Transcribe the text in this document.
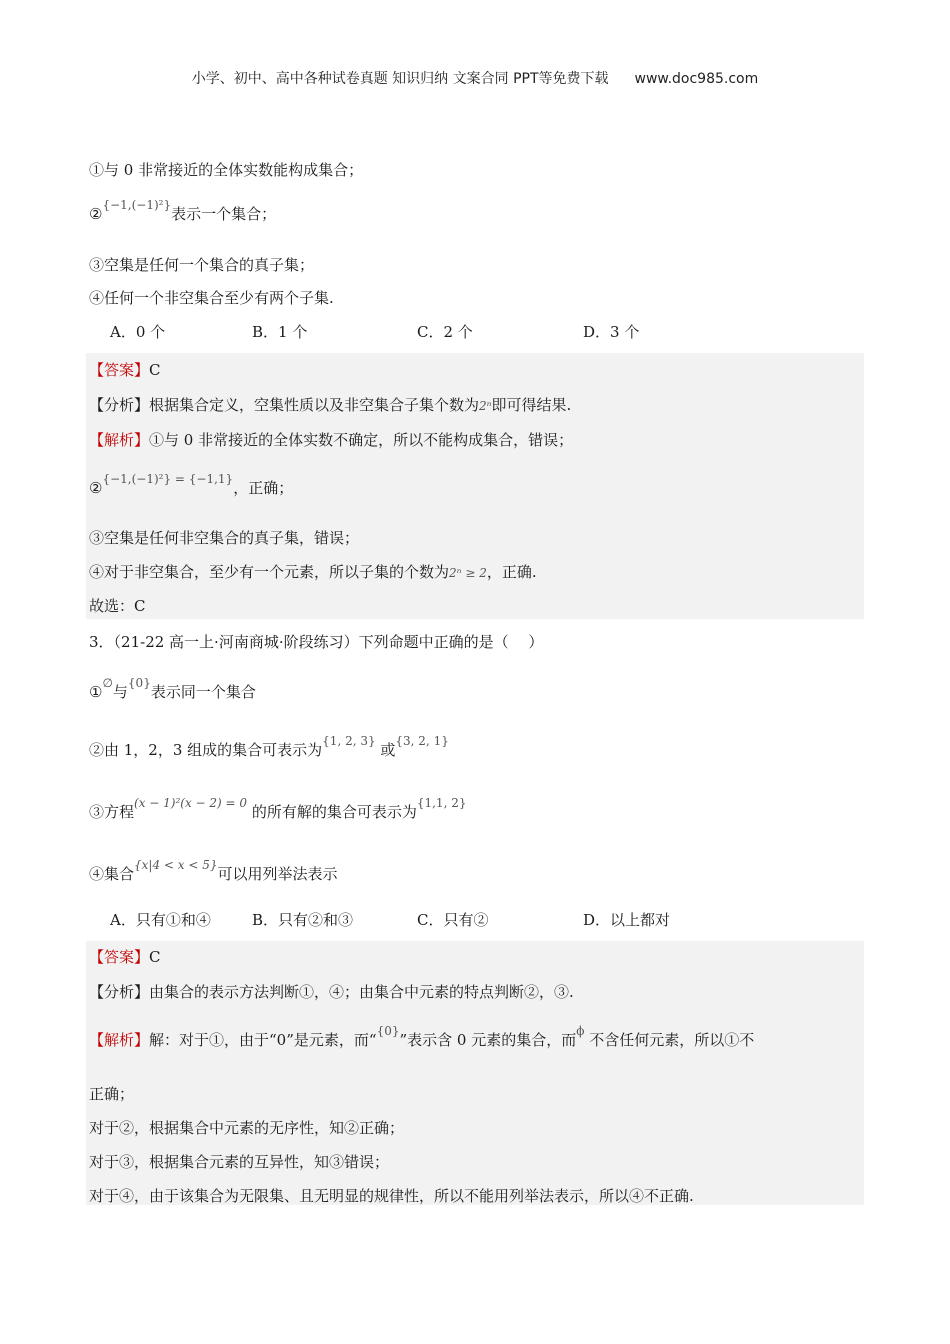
小学、初中、高中各种试卷真题 知识归纳 文案合同 PPT等免费下载 www.doc985.com
①与 0 非常接近的全体实数能构成集合；
②$^{\{-1,(-1)^2\}}$表示一个集合；
③空集是任何一个集合的真子集；
④任何一个非空集合至少有两个子集.
A．0 个	B．1 个	C．2 个	D．3 个
【答案】C
【分析】根据集合定义，空集性质以及非空集合子集个数为2ⁿ即可得结果.
【解析】①与 0 非常接近的全体实数不确定，所以不能构成集合，错误；
②$^{\{-1,(-1)^2\} = \{-1,1\}}$，正确；
③空集是任何非空集合的真子集，错误；
④对于非空集合，至少有一个元素，所以子集的个数为2ⁿ ≥ 2，正确.
故选：C
3．（21-22 高一上·河南商城·阶段练习）下列命题中正确的是（　 ）
①∅与$^{\{0\}}$表示同一个集合
②由 1，2，3 组成的集合可表示为$^{\{1, 2, 3\}}$ 或$^{\{3, 2, 1\}}$
③方程$^{(x - 1)^2(x - 2) = 0}$ 的所有解的集合可表示为$^{\{1,1, 2\}}$
④集合$^{\{x|4 < x < 5\}}$可以用列举法表示
A．只有①和④	B．只有②和③	C．只有②	D．以上都对
【答案】C
【分析】由集合的表示方法判断①，④；由集合中元素的特点判断②，③.
【解析】解：对于①，由于“0”是元素，而“$^{\{0\}}$”表示含 0 元素的集合，而$^\phi$ 不含任何元素，所以①不
正确；
对于②，根据集合中元素的无序性，知②正确；
对于③，根据集合元素的互异性，知③错误；
对于④，由于该集合为无限集、且无明显的规律性，所以不能用列举法表示，所以④不正确.
